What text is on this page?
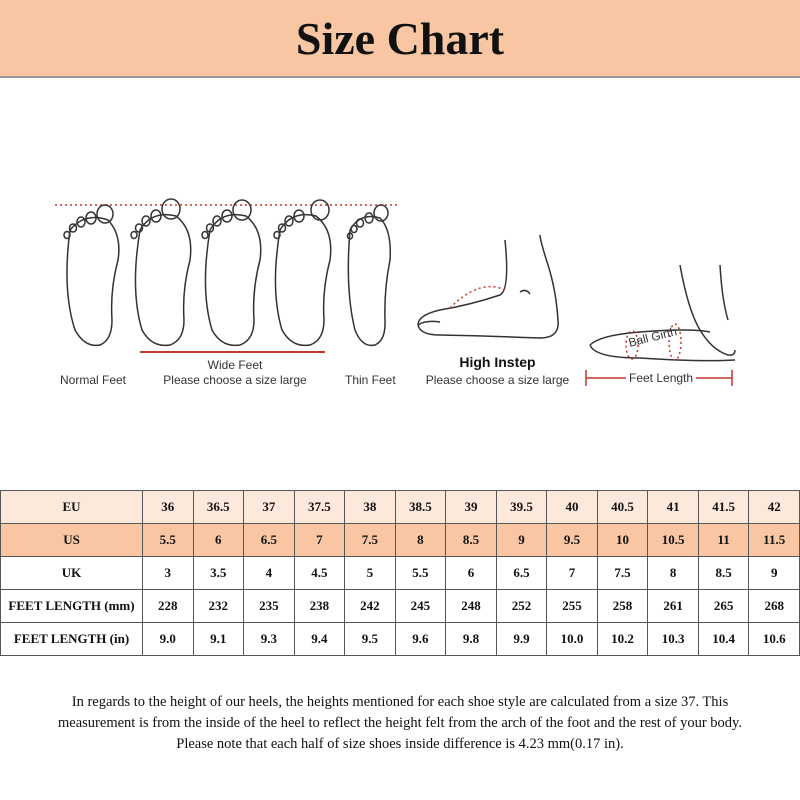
Size Chart
Normal Feet
Wide Feet
Please choose a size large	Thin Feet
High Instep
Please choose a size large
Ball Girth
Feet Length
EU	36	36.5	37	37.5	38	38.5	39	39.5	40	40.5	41	41.5	42
US	5.5	6	6.5	7	7.5	8	8.5	9	9.5	10	10.5	11	11.5
UK	3	3.5	4	4.5	5	5.5	6	6.5	7	7.5	8	8.5	9
FEET LENGTH (mm)	228	232	235	238	242	245	248	252	255	258	261	265	268
FEET LENGTH (in)	9.0	9.1	9.3	9.4	9.5	9.6	9.8	9.9	10.0	10.2	10.3	10.4	10.6
In regards to the height of our heels, the heights mentioned for each shoe style are calculated from a size 37. This
measurement is from the inside of the heel to reflect the height felt from the arch of the foot and the rest of your body.
Please note that each half of size shoes inside difference is 4.23 mm(0.17 in).
